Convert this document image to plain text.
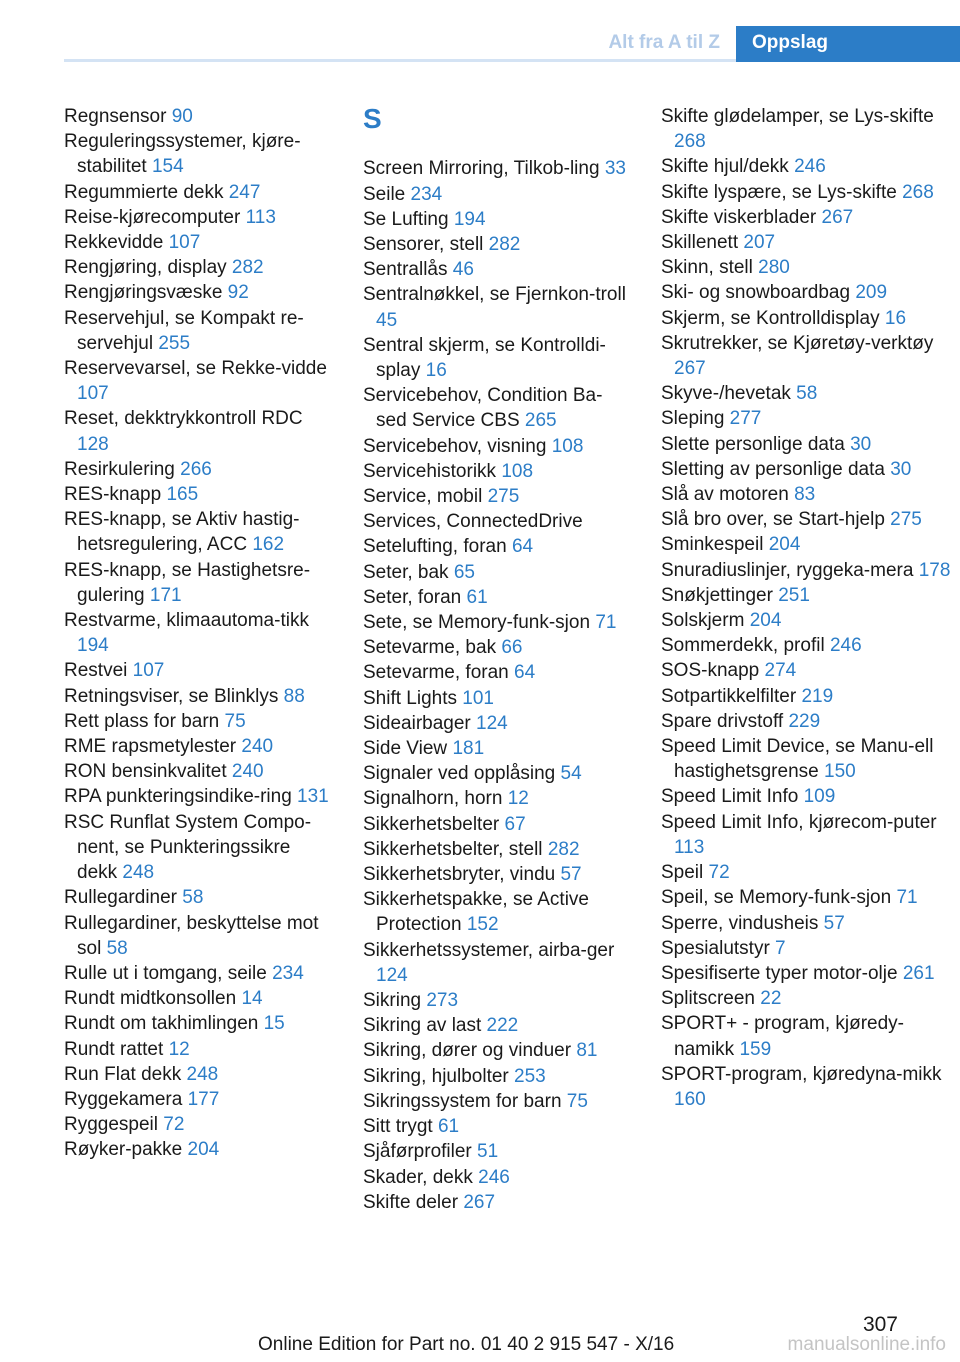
Alt fra A til Z	Oppslag
Regnsensor 90
Reguleringssystemer, kjøre-stabilitet 154
Regummierte dekk 247
Reise-kjørecomputer 113
Rekkevidde 107
Rengjøring, display 282
Rengjøringsvæske 92
Reservehjul, se Kompakt re-servehjul 255
Reservevarsel, se Rekke-vidde 107
Reset, dekktrykkontroll RDC 128
Resirkulering 266
RES-knapp 165
RES-knapp, se Aktiv hastig-hetsregulering, ACC 162
RES-knapp, se Hastighetsre-gulering 171
Restvarme, klimaautoma-tikk 194
Restvei 107
Retningsviser, se Blinklys 88
Rett plass for barn 75
RME rapsmetylester 240
RON bensinkvalitet 240
RPA punkteringsindike-ring 131
RSC Runflat System Compo-nent, se Punkteringssikre dekk 248
Rullegardiner 58
Rullegardiner, beskyttelse mot sol 58
Rulle ut i tomgang, seile 234
Rundt midtkonsollen 14
Rundt om takhimlingen 15
Rundt rattet 12
Run Flat dekk 248
Ryggekamera 177
Ryggespeil 72
Røyker-pakke 204
S
Screen Mirroring, Tilkob-ling 33
Seile 234
Se Lufting 194
Sensorer, stell 282
Sentrallås 46
Sentralnøkkel, se Fjernkon-troll 45
Sentral skjerm, se Kontrolldi-splay 16
Servicebehov, Condition Ba-sed Service CBS 265
Servicebehov, visning 108
Servicehistorikk 108
Service, mobil 275
Services, ConnectedDrive
Setelufting, foran 64
Seter, bak 65
Seter, foran 61
Sete, se Memory-funk-sjon 71
Setevarme, bak 66
Setevarme, foran 64
Shift Lights 101
Sideairbager 124
Side View 181
Signaler ved opplåsing 54
Signalhorn, horn 12
Sikkerhetsbelter 67
Sikkerhetsbelter, stell 282
Sikkerhetsbryter, vindu 57
Sikkerhetspakke, se Active Protection 152
Sikkerhetssystemer, airba-ger 124
Sikring 273
Sikring av last 222
Sikring, dører og vinduer 81
Sikring, hjulbolter 253
Sikringssystem for barn 75
Sitt trygt 61
Sjåførprofiler 51
Skader, dekk 246
Skifte deler 267
Skifte glødelamper, se Lys-skifte 268
Skifte hjul/dekk 246
Skifte lyspære, se Lys-skifte 268
Skifte viskerblader 267
Skillenett 207
Skinn, stell 280
Ski- og snowboardbag 209
Skjerm, se Kontrolldisplay 16
Skrutrekker, se Kjøretøy-verktøy 267
Skyve-/hevetak 58
Sleping 277
Slette personlige data 30
Sletting av personlige data 30
Slå av motoren 83
Slå bro over, se Start-hjelp 275
Sminkespeil 204
Snuradiuslinjer, ryggeka-mera 178
Snøkjettinger 251
Solskjerm 204
Sommerdekk, profil 246
SOS-knapp 274
Sotpartikkelfilter 219
Spare drivstoff 229
Speed Limit Device, se Manu-ell hastighetsgrense 150
Speed Limit Info 109
Speed Limit Info, kjørecom-puter 113
Speil 72
Speil, se Memory-funk-sjon 71
Sperre, vindusheis 57
Spesialutstyr 7
Spesifiserte typer motor-olje 261
Splitscreen 22
SPORT+ - program, kjøredy-namikk 159
SPORT-program, kjøredyna-mikk 160
307
Online Edition for Part no. 01 40 2 915 547 - X/16	manualsonline.info
